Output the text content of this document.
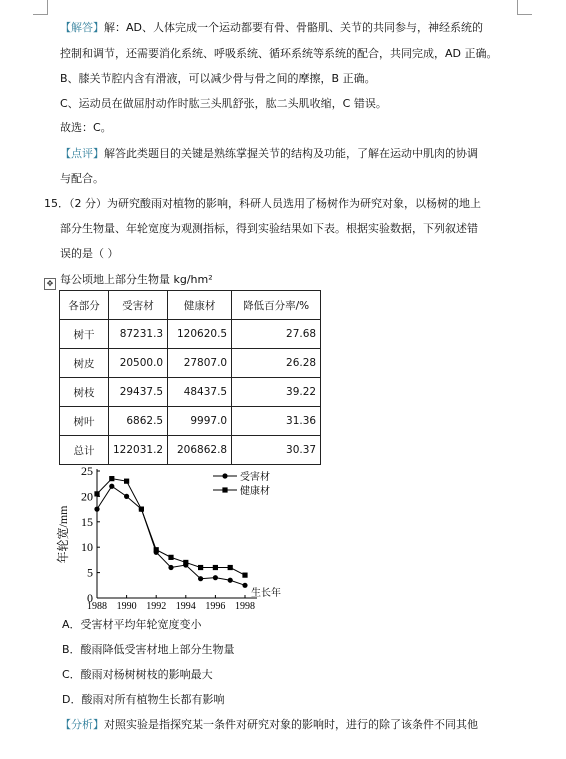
【解答】解：AD、人体完成一个运动都要有骨、骨骼肌、关节的共同参与，神经系统的
控制和调节，还需要消化系统、呼吸系统、循环系统等系统的配合，共同完成，AD 正确。
B、膝关节腔内含有滑液，可以减少骨与骨之间的摩擦，B 正确。
C、运动员在做屈肘动作时肱三头肌舒张，肱二头肌收缩，C 错误。
故选：C。
【点评】解答此类题目的关键是熟练掌握关节的结构及功能，了解在运动中肌肉的协调
与配合。
15．（2 分）为研究酸雨对植物的影响，科研人员选用了杨树作为研究对象，以杨树的地上
部分生物量、年轮宽度为观测指标，得到实验结果如下表。根据实验数据，下列叙述错
误的是（ ）
✥ 每公顷地上部分生物量 kg/hm²
各部分	受害材	健康材	降低百分率/%
树干	87231.3	120620.5	27.68
树皮	20500.0	27807.0	26.28
树枝	29437.5	48437.5	39.22
树叶	6862.5	9997.0	31.36
总计	122031.2	206862.8	30.37
0
5
10
15
20
25
1988 1990 1992 1994 1996 1998
年轮宽/mm
生长年
受害材
健康材
A．受害材平均年轮宽度变小
B．酸雨降低受害材地上部分生物量
C．酸雨对杨树树枝的影响最大
D．酸雨对所有植物生长都有影响
【分析】对照实验是指探究某一条件对研究对象的影响时，进行的除了该条件不同其他
